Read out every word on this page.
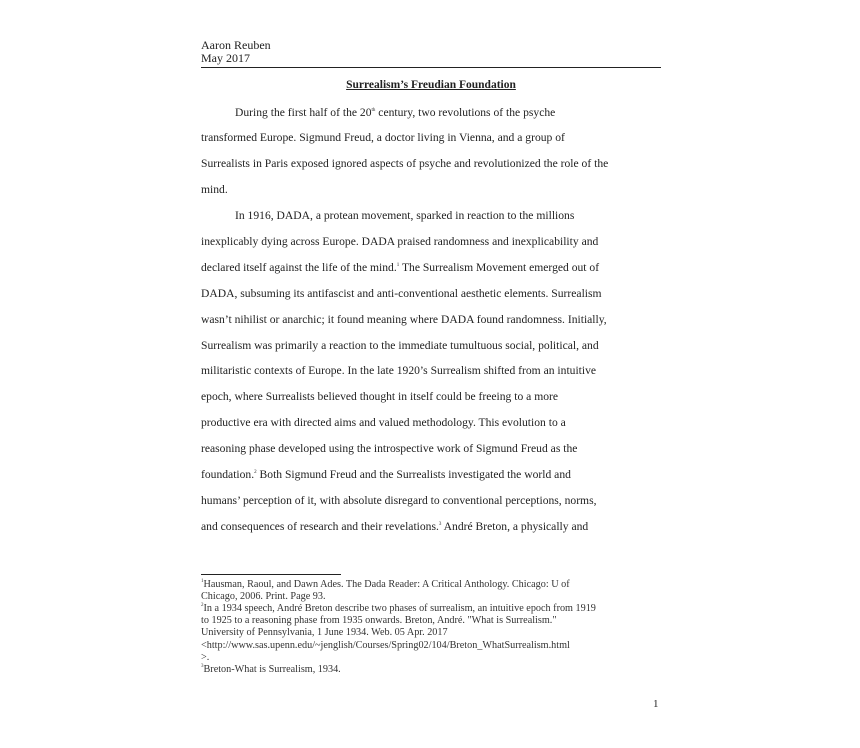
Aaron Reuben
May 2017
Surrealism’s Freudian Foundation
During the first half of the 20th century, two revolutions of the psyche
transformed Europe. Sigmund Freud, a doctor living in Vienna, and a group of
Surrealists in Paris exposed ignored aspects of psyche and revolutionized the role of the
mind.
In 1916, DADA, a protean movement, sparked in reaction to the millions
inexplicably dying across Europe. DADA praised randomness and inexplicability and
declared itself against the life of the mind.$^1$ The Surrealism Movement emerged out of
DADA, subsuming its antifascist and anti-conventional aesthetic elements. Surrealism
wasn’t nihilist or anarchic; it found meaning where DADA found randomness. Initially,
Surrealism was primarily a reaction to the immediate tumultuous social, political, and
militaristic contexts of Europe. In the late 1920’s Surrealism shifted from an intuitive
epoch, where Surrealists believed thought in itself could be freeing to a more
productive era with directed aims and valued methodology. This evolution to a
reasoning phase developed using the introspective work of Sigmund Freud as the
foundation.$^2$ Both Sigmund Freud and the Surrealists investigated the world and
humans’ perception of it, with absolute disregard to conventional perceptions, norms,
and consequences of research and their revelations.$^3$ André Breton, a physically and
$^1$Hausman, Raoul, and Dawn Ades. The Dada Reader: A Critical Anthology. Chicago: U of
Chicago, 2006. Print. Page 93.
$^2$In a 1934 speech, André Breton describe two phases of surrealism, an intuitive epoch from 1919
to 1925 to a reasoning phase from 1935 onwards. Breton, André. "What is Surrealism."
University of Pennsylvania, 1 June 1934. Web. 05 Apr. 2017
<http://www.sas.upenn.edu/~jenglish/Courses/Spring02/104/Breton_WhatSurrealism.html
>.
$^3$Breton-What is Surrealism, 1934.
1
